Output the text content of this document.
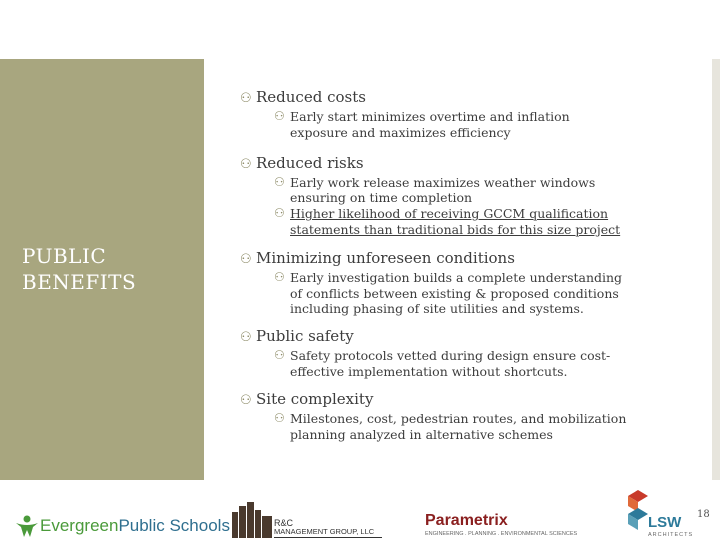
PUBLIC
BENEFITS
⚇ Reduced costs
⚇ Early start minimizes overtime and inflation
exposure and maximizes efficiency
⚇ Reduced risks
⚇ Early work release maximizes weather windows
ensuring on time completion
⚇ Higher likelihood of receiving GCCM qualification
statements than traditional bids for this size project
⚇ Minimizing unforeseen conditions
⚇ Early investigation builds a complete understanding
of conflicts between existing & proposed conditions
including phasing of site utilities and systems.
⚇ Public safety
⚇ Safety protocols vetted during design ensure cost-
effective implementation without shortcuts.
⚇ Site complexity
⚇ Milestones, cost, pedestrian routes, and mobilization
planning analyzed in alternative schemes
EvergreenPublic Schools	R&C
MANAGEMENT GROUP, LLC
Parametrix
ENGINEERING . PLANNING . ENVIRONMENTAL SCIENCES
LSW
ARCHITECTS
18
